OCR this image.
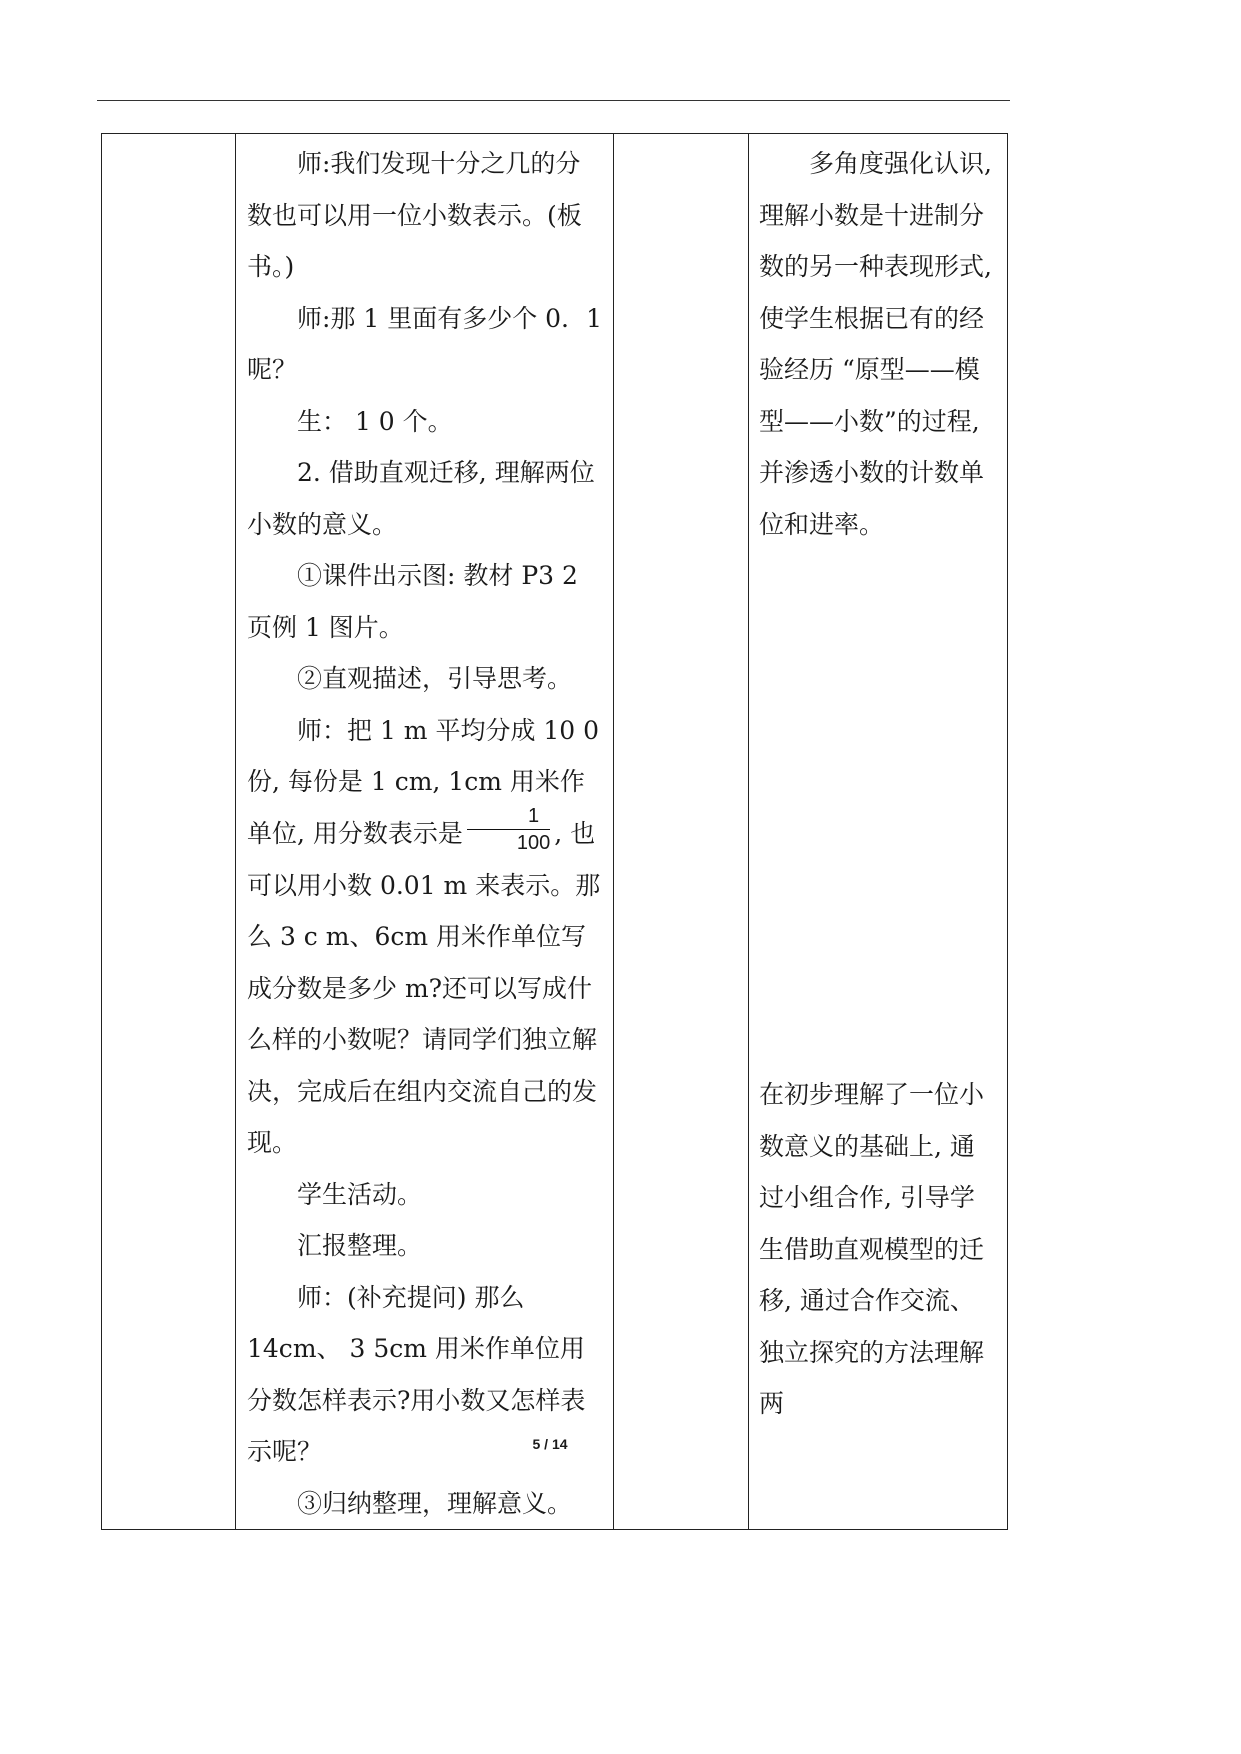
师:我们发现十分之几的分数也可以用一位小数表示。(板书。)

师:那 1 里面有多少个 0．1 呢？

生： 1 0 个。

2. 借助直观迁移, 理解两位小数的意义。

①课件出示图: 教材 P3 2 页例 1 图片。

②直观描述，引导思考。

师：把 1 m 平均分成 10 0 份, 每份是 1 cm, 1cm 用米作单位, 用分数表示是 $\frac{1}{100}$ , 也可以用小数 0.01 m 来表示。那么 3 c m、6cm 用米作单位写成分数是多少 m?还可以写成什么样的小数呢？请同学们独立解决，完成后在组内交流自己的发现。

学生活动。

汇报整理。

师：(补充提问) 那么 14cm、 3 5cm 用米作单位用分数怎样表示?用小数又怎样表示呢？

③归纳整理，理解意义。

多角度强化认识, 理解小数是十进制分数的另一种表现形式, 使学生根据已有的经验经历 “原型——模型——小数”的过程, 并渗透小数的计数单位和进率。

在初步理解了一位小数意义的基础上, 通过小组合作, 引导学生借助直观模型的迁移, 通过合作交流、独立探究的方法理解两

5 / 14
